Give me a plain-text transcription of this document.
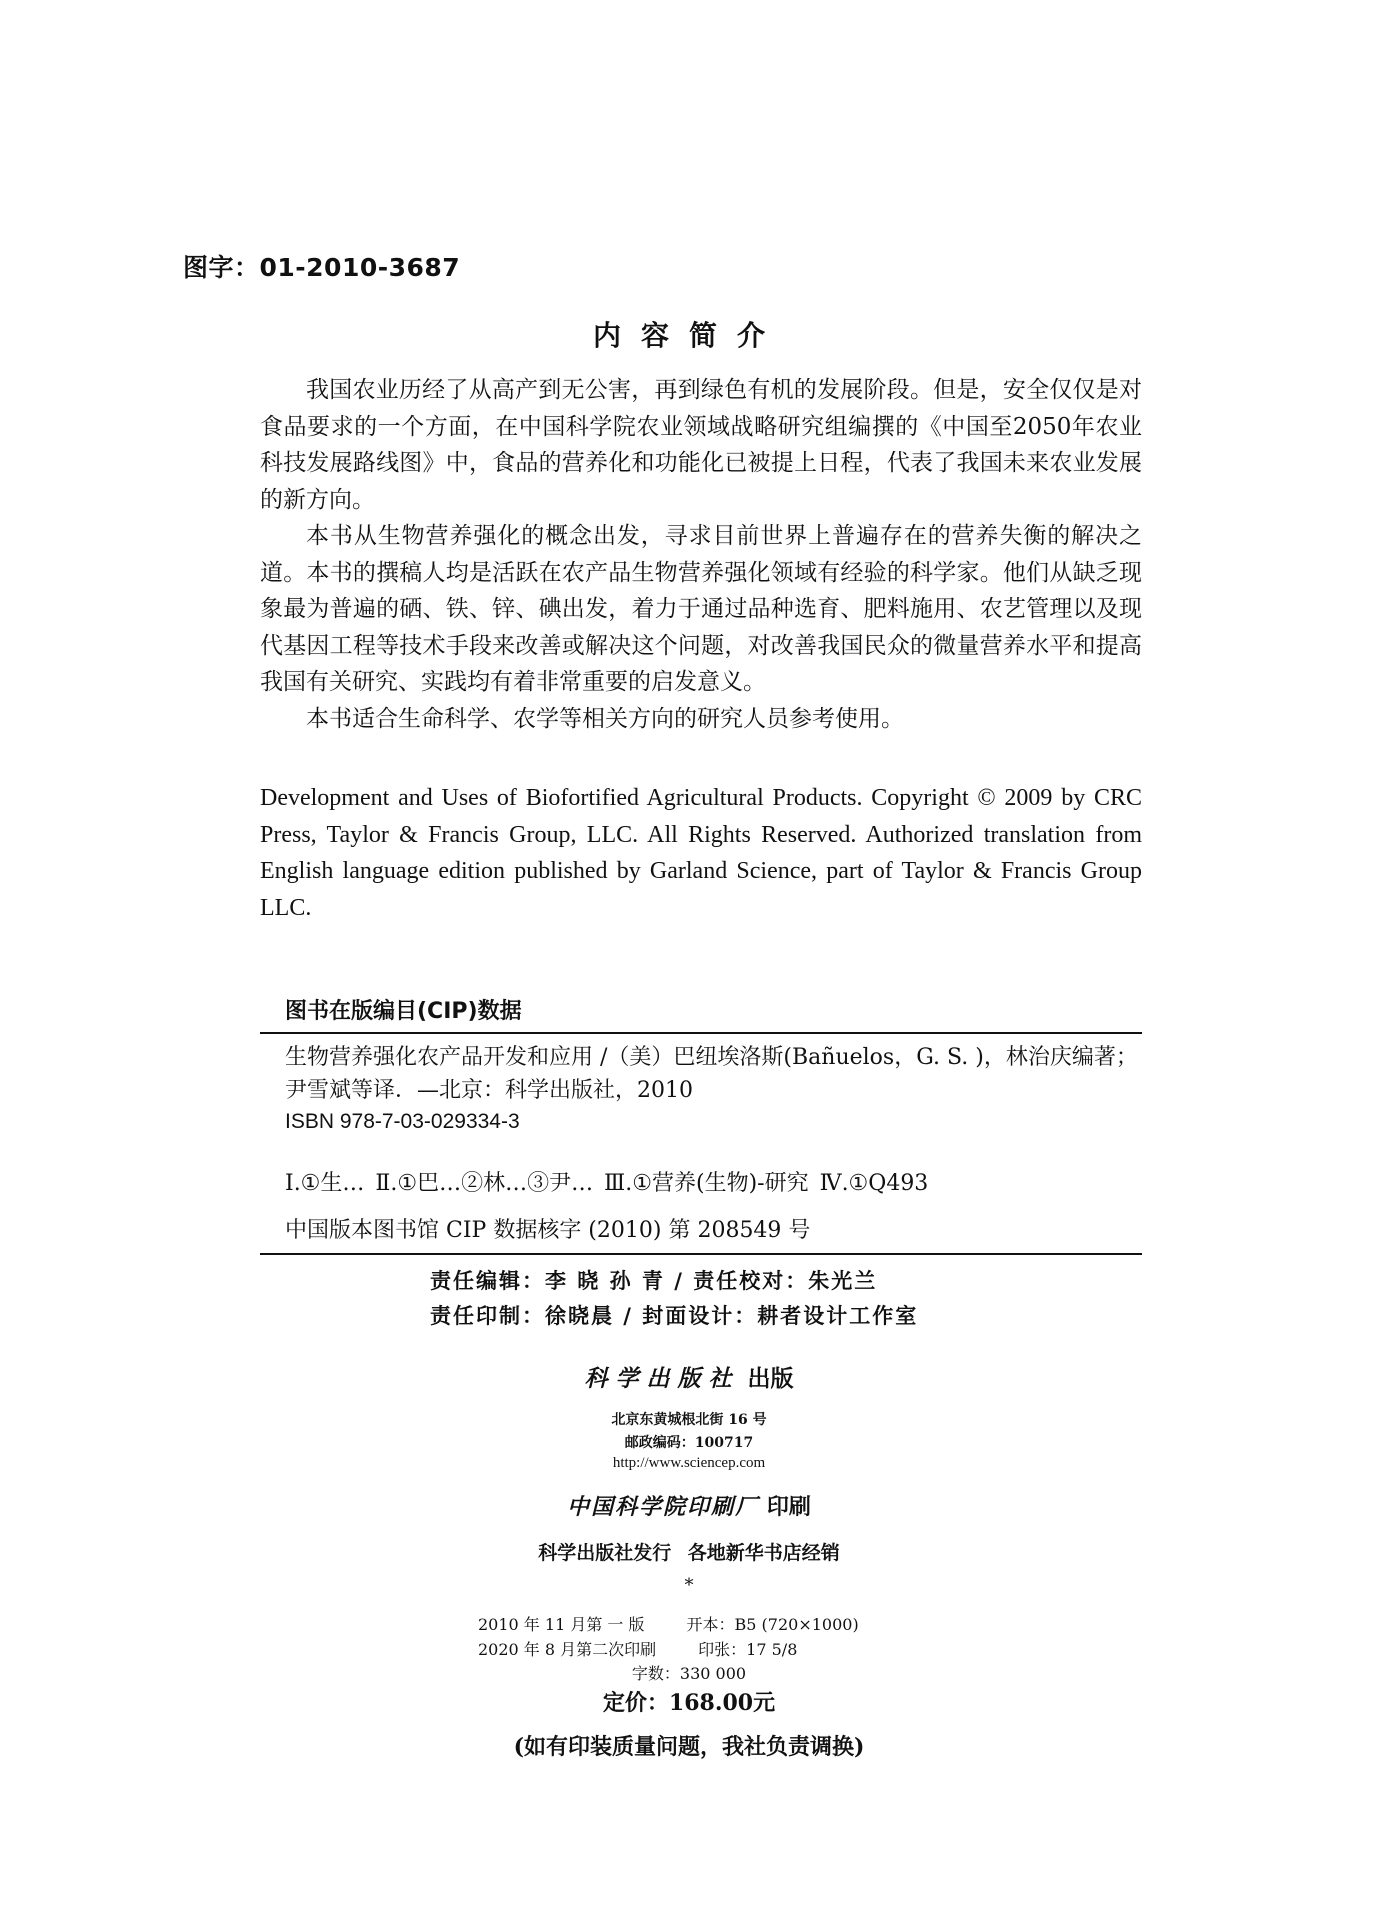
图字：01-2010-3687
内容简介

我国农业历经了从高产到无公害，再到绿色有机的发展阶段。但是，安全仅仅是对食品要求的一个方面，在中国科学院农业领域战略研究组编撰的《中国至2050年农业科技发展路线图》中，食品的营养化和功能化已被提上日程，代表了我国未来农业发展的新方向。

本书从生物营养强化的概念出发，寻求目前世界上普遍存在的营养失衡的解决之道。本书的撰稿人均是活跃在农产品生物营养强化领域有经验的科学家。他们从缺乏现象最为普遍的硒、铁、锌、碘出发，着力于通过品种选育、肥料施用、农艺管理以及现代基因工程等技术手段来改善或解决这个问题，对改善我国民众的微量营养水平和提高我国有关研究、实践均有着非常重要的启发意义。

本书适合生命科学、农学等相关方向的研究人员参考使用。

Development and Uses of Biofortified Agricultural Products. Copyright © 2009 by CRC Press, Taylor & Francis Group, LLC. All Rights Reserved. Authorized translation from English language edition published by Garland Science, part of Taylor & Francis Group LLC.
图书在版编目(CIP)数据
生物营养强化农产品开发和应用 /（美）巴纽埃洛斯(Bañuelos，G. S. )，林治庆编著；尹雪斌等译．—北京：科学出版社，2010
ISBN 978-7-03-029334-3
Ⅰ.①生… Ⅱ.①巴…②林…③尹… Ⅲ.①营养(生物)-研究 Ⅳ.①Q493
中国版本图书馆 CIP 数据核字 (2010) 第 208549 号
责任编辑：李 晓 孙 青 / 责任校对：朱光兰
责任印制：徐晓晨 / 封面设计：耕者设计工作室
科学出版社 出版
北京东黄城根北街 16 号
邮政编码：100717
http://www.sciencep.com
中国科学院印刷厂 印刷
科学出版社发行 各地新华书店经销
*
2010 年 11 月第 一 版	开本：B5 (720×1000)
2020 年 8 月第二次印刷	印张：17 5/8
字数：330 000
定价：168.00元
(如有印装质量问题，我社负责调换)
